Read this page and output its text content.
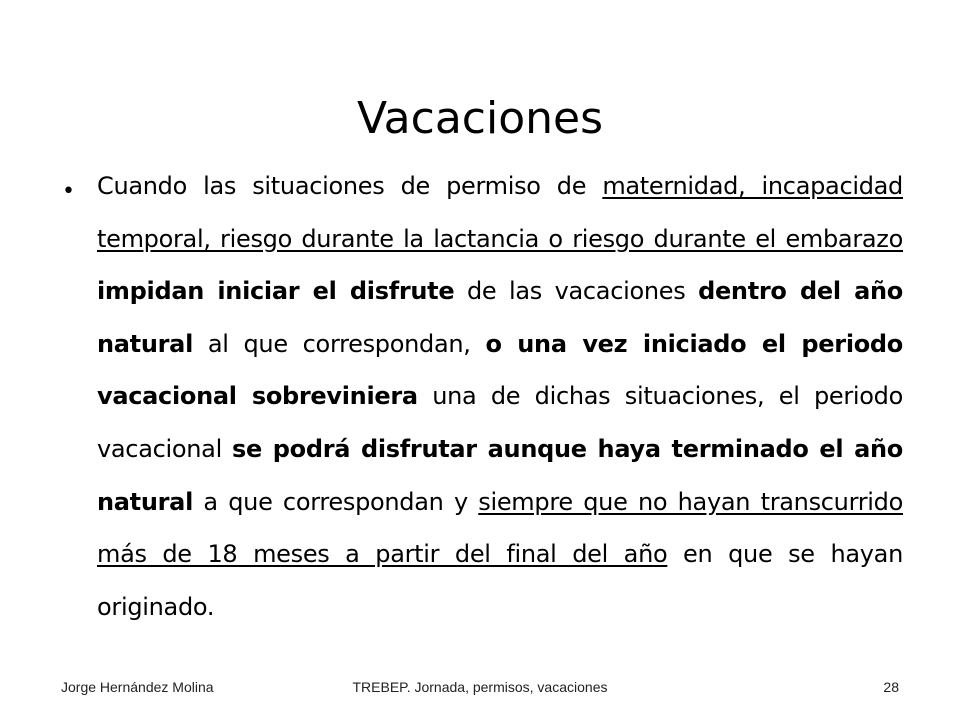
Vacaciones
• Cuando las situaciones de permiso de maternidad, incapacidad temporal, riesgo durante la lactancia o riesgo durante el embarazo impidan iniciar el disfrute de las vacaciones dentro del año natural al que correspondan, o una vez iniciado el periodo vacacional sobreviniera una de dichas situaciones, el periodo vacacional se podrá disfrutar aunque haya terminado el año natural a que correspondan y siempre que no hayan transcurrido más de 18 meses a partir del final del año en que se hayan originado.
Jorge Hernández Molina	TREBEP. Jornada, permisos, vacaciones	28
